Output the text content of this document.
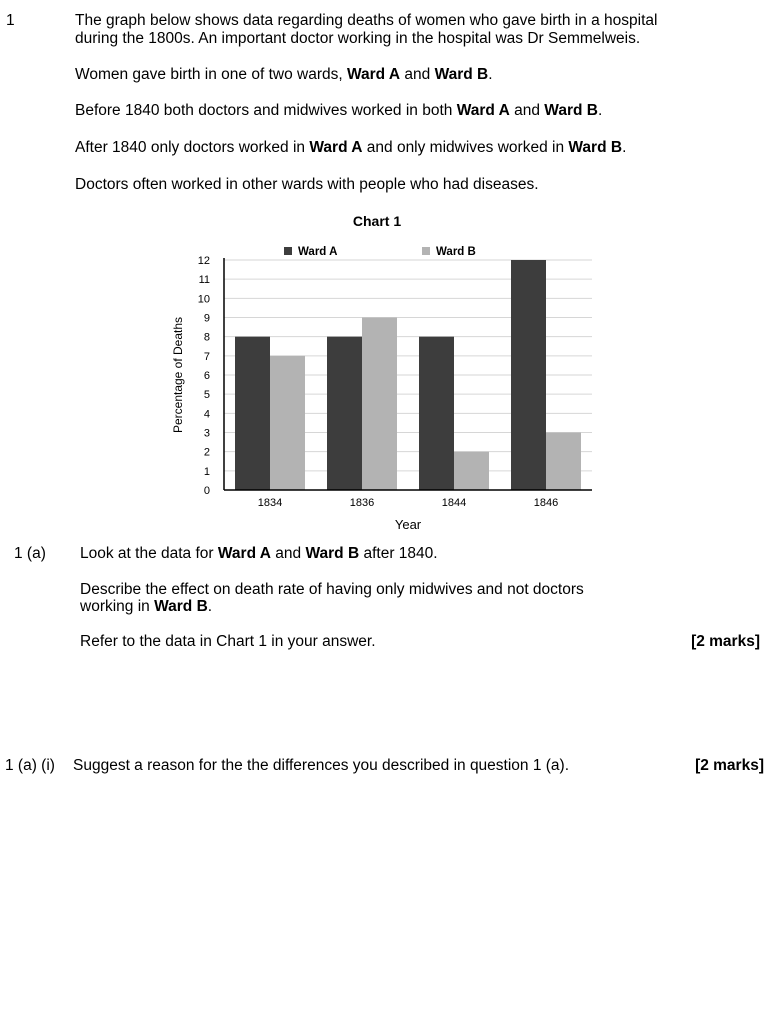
1	The graph below shows data regarding deaths of women who gave birth in a hospital
during the 1800s. An important doctor working in the hospital was Dr Semmelweis.
Women gave birth in one of two wards, Ward A and Ward B.
Before 1840 both doctors and midwives worked in both Ward A and Ward B.
After 1840 only doctors worked in Ward A and only midwives worked in Ward B.
Doctors often worked in other wards with people who had diseases.
Chart 1
0
1
2
3
4
5
6
7
8
9
10
11
12
1834	1836	1844	1846
Ward A	Ward B
Percentage of Deaths
Year
1 (a) Look at the data for Ward A and Ward B after 1840.
Describe the effect on death rate of having only midwives and not doctors
working in Ward B.
Refer to the data in Chart 1 in your answer.	[2 marks]
1 (a) (i) Suggest a reason for the the differences you described in question 1 (a).	[2 marks]
